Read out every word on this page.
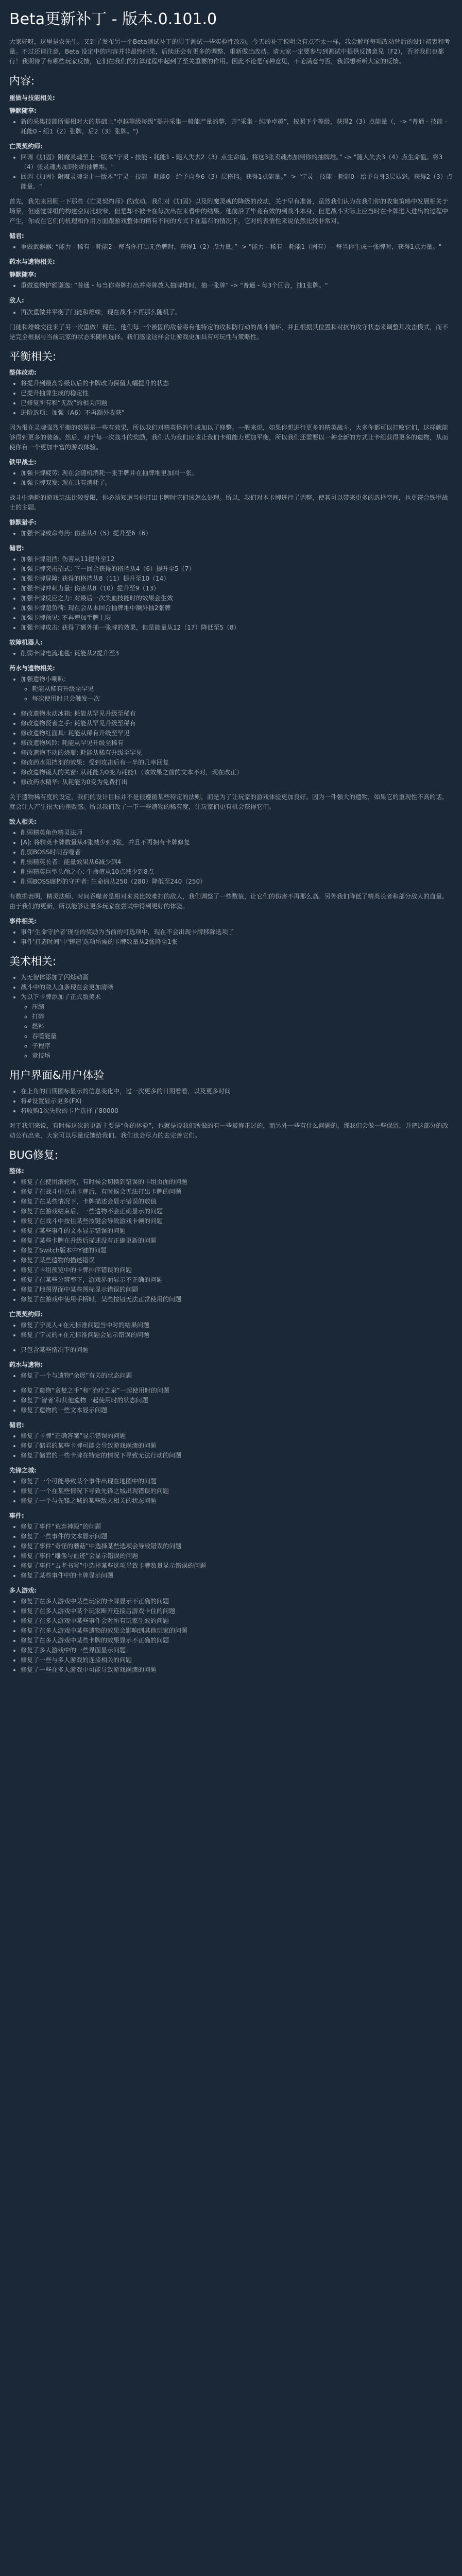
Beta更新补丁 - 版本.0.101.0

大家好呀，这里是农先生。又到了发布另一个Beta测试补丁的周于测试一些实验性改动。今天的补丁说明会有点不太一样，我会解释每项改动背后的设计初衷和考量。不过还请注意，Beta 设定中的内容并非最终结果，后续还会有更多的调整、重新做出改动。请大家一定要参与到测试中提供反馈意见（F2），否者我们也都行！我期待了有哪些玩家反馈，它们在我们的打算过程中起到了至关重要的作用。因此不论是何种意见，不论满意与否，我都想听听大家的反馈。

内容:
重做与技能相关:
静默随享:
• 新的采集技能所需相对大的基础上“卓越等级每级”提升采集一般能产量的整，并“采集 - 纯净卓越”，按照下个等级，获得2（3）点能量（，-> "普通 - 技能 - 耗能0 - 组1（2）张牌，后2（3）张牌。")
亡灵契约师:
• 回调《加固》附魔灵魂至上一版本“宁灵 - 技能 - 耗能1 - 随人失去2（3）点生命值。将这3张卖魂杰加到你的抽牌堆。” -> "随人失去3（4）点生命值。将3（4）张灵魂杰加到你的抽牌堆。"
• 回调《加固》附魔灵魂至上一版本“宁灵 - 技能 - 耗能0 - 给予自身6（3）层格挡。获得1点能量。” -> "宁灵 - 技能 - 耗能0 - 给予自身3层易怒。获得2（3）点能量。"

首先，我先来回顾一下那些《亡灵契约师》的改动。我们对《加固》以及附魔灵魂的降级的改动，关于早有准备，虽然我们认为在我们你的收集策略中发展相关于场景，但感觉牌组的构建空间比较窄，但是却不被卡在每次出在来看中的结果。他前沿了毕竟有效的到战斗本身，但是战斗实际上应当时在卡牌进入进出的过程中产生，你或在它们的机理和作用方面跟游戏整体的稍有不同的方式下在基石的情况下，它对的表情性来说依然比较非常对。

储君:
• 重做武器器: “能力 - 稀有 - 耗能2 - 每当你打出无色牌时，获得1（2）点力量。” -> "能力 - 稀有 - 耗能1（固有） - 每当你生成一张牌时，获得1点力量。"
药水与遗物相关:
静默随享:
• 重做遗物护额谦逸: “普通 - 每当你将牌打出并将牌放入抽牌堆时，抽一张牌” -> "普通 - 每3个回合，抽1张牌。"
敌人:
• 再次重做并平衡了门徒和雄蛛，现在战斗不再那么随机了。

门徒和雄蛛交往来了另一次重做！现在，他们每一个被固的敌着将有他特定的攻和防行动的战斗循环，并且根据其位置和对抗的攻守状态来调整其攻击模式，而不是完全根据与当前玩家的状态来随机选择。我们感觉这样会让游戏更加具有可玩性与策略性。

平衡相关:
整体改动:
• 将提升到最高等级以后的卡牌改为保留大幅提升的状态
• 已提升抽牌生成的稳定性
• 已修复所有和“无敌”的相关问题
• 进阶选项：加强（A6）不再额外收获”

因为很在灵魂强烈平衡的数据是一些有效果，所以我们对精英怪的生成加以了修整。一般来说，如果你想进行更多的精英战斗，大多你都可以打败它们，这样就能够得到更多的装备。然后，对于每一次战斗的奖励，我们认为我们应该让我们卡组能力更加平衡，所以我们还需要以一种全新的方式让卡组获得更多的遗物，从而使你有一个更加丰富的游戏体验。

铁甲战士:
• 加强卡牌疲劳: 现在会随机消耗一张手牌并在抽牌堆里加回一张。
• 加强卡牌双发: 现在具有消耗了。

战斗中消耗的游戏玩法比较受限，你必须知道当你打出卡牌时它们该怎么处理。所以，我们对本卡牌进行了调整，使其可以带来更多的选择空间，也更符合铁甲战士的主题。

静默猎手:
• 加强卡牌致命毒药: 伤害从4（5）提升至6（6）
储君:
• 加强卡牌阻挡: 伤害从11提升至12
• 加强卡牌突击招式: 下一回合获得的格挡从4（6）提升至5（7）
• 加强卡牌屏障: 获得的格挡从8（11）提升至10（14）
• 加强卡牌冲刺力量: 伤害从8（10）提升至9（13）
• 加强卡牌反应之力: 对最后一次失血技能时的效果会生效
• 加强卡牌超负荷: 现在会从本回合抽牌堆中额外抽2张牌
• 加强卡牌预见: 不再增加手牌上限
• 加强卡牌攻击: 获得了额外抽一张牌的效果，但是能量从12（17）降低至5（8）
故障机器人:
• 削弱卡牌电流地毯: 耗能从2提升至3
药水与遗物相关:
• 加强遗物小喇叭:
◦ 耗能从稀有升级至罕见
◦ 每次使用时只会触发一次
• 修改遗物永动冰箱: 耗能从罕见升级至稀有
• 修改遗物贤者之手: 耗能从罕见升级至稀有
• 修改遗物红面具: 耗能从稀有升级至罕见
• 修改遗物风铃: 耗能从罕见升级至稀有
• 修改遗物不动的烧瓶: 耗能从稀有升级至罕见
• 修改药水阻挡剂的效果：受到攻击后有一半的几率回复
• 修改遗物镜人的关窗: 从耗能为0变为耗能1（该效果之前的文本不对，现在改正）
• 修改药水精华: 从耗能为0变为免费打出

关于遗物稀有度的设定，我们的设计目标并不是很遵循某些特定的法则，而是为了让玩家的游戏体验更加良好。因为一件强大的遗物，如果它的重现性不高的话，就会让人产生很大的挫败感。所以我们改了一下一些遗物的稀有度，让玩家们更有机会获得它们。

敌人相关:
• 削弱精英角色精灵法师
• [A]: 将精英卡牌数量从4张减少到3张，并且不再拥有卡牌修复
• 削弱BOSS时间吞噬者
• 削弱精英长者：能量效果从6减少到4
• 削弱精英巨型头颅之心: 生命值从10点减少到8点
• 削弱BOSS腐朽的守护者: 生命值从250（280）降低至240（250）

有数据表明，精灵法师、时间吞噬者是相对来说比较难打的敌人，我们调整了一些数值，让它们的伤害不再那么高。另外我们降低了精英长者和部分敌人的血量。由于我们的更新，所以能够让更多玩家在尝试中得到更好的体验。

事件相关:
• 事件'生命守护者'现在的奖励为当前的可选项中，现在不会出现卡牌移除选项了
• 事件'打造时间'中'铸造'选项所需的卡牌数量从2张降至1张
美术相关:
• 为无智体添加了闪烁动画
• 战斗中的敌人血条现在会更加清晰
• 为以下卡牌添加了正式版美术
◦ 压缩
◦ 打碎
◦ 燃料
◦ 吞噬能量
◦ 子程序
◦ 竞技场
用户界面&用户体验
• 在上角的日期图标显示的信息变化中，过一次更多的日期看看，以及更多时间
• 将#设置显示更多(FX)
• 将收购1次失败的卡片选择了80000

对于我们来说，有时候这次的更新主要是“你的体验”，也就是说我们所做的有一些被修正过的，而另外一些有什么问题的，那我们会做一些保留，并把这部分的改动公布出来，大家可以尽量反馈给我们。我们也会尽力的去完善它们。

BUG修复:
整体:
• 修复了在使用滚轮时，有时候会切换到错误的卡组页面的问题
• 修复了在战斗中点击卡牌后，有时候会无法打出卡牌的问题
• 修复了在某些情况下，卡牌描述会显示错误的数值
• 修复了在游戏结束后，一些遗物不会正确显示的问题
• 修复了在战斗中按住某些按键会导致游戏卡顿的问题
• 修复了某些事件的文本显示错误的问题
• 修复了某些卡牌在升级后描述没有正确更新的问题
• 修复了Switch版本中Y键的问题
• 修复了某些遗物的描述错误
• 修复了卡组预览中的卡牌排序错误的问题
• 修复了在某些分辨率下，游戏界面显示不正确的问题
• 修复了地图界面中某些图标显示错误的问题
• 修复了在游戏中使用手柄时，某些按钮无法正常使用的问题
亡灵契约师:
• 修复了宁灵人+在元标准问题当中时的结果问题
• 修复了宁灵的+在元标准问题会显示错误的问题
• 只包含某些情况下的问题
药水与遗物:
• 修复了一个与遗物“余烬”有关的状态问题
• 修复了遗物“贪婪之手”和“治疗之泉”一起使用时的问题
• 修复了‘智者’和其他遗物一起使用时的状态问题
• 修复了遗物的一些文本显示问题
储君:
• 修复了卡牌“正确答案”显示错误的问题
• 修复了储君的某些卡牌可能会导致游戏崩溃的问题
• 修复了储君的一些卡牌在特定的情况下导致无法行动的问题
先锋之城:
• 修复了一个可能导致某个事件出现在地图中的问题
• 修复了一个在某些情况下导致先锋之城出现错误的问题
• 修复了一个与先锋之城的某些敌人相关的状态问题
事件:
• 修复了事件“荒弃神殿”的问题
• 修复了一些事件的文本显示问题
• 修复了事件“奇怪的蘑菇”中选择某些选项会导致错误的问题
• 修复了事件“雕像与血迹”会显示错误的问题
• 修复了事件“古老书写”中选择某些选项导致卡牌数量显示错误的问题
• 修复了某些事件中的卡牌显示问题
多人游戏:
• 修复了在多人游戏中某些玩家的卡牌显示不正确的问题
• 修复了在多人游戏中某个玩家断开连接后游戏卡住的问题
• 修复了在多人游戏中某些事件会对所有玩家生效的问题
• 修复了在多人游戏中某些遗物的效果会影响到其他玩家的问题
• 修复了在多人游戏中某些卡牌的效果显示不正确的问题
• 修复了多人游戏中的一些界面显示问题
• 修复了一些与多人游戏的连接相关的问题
• 修复了一些在多人游戏中可能导致游戏崩溃的问题
